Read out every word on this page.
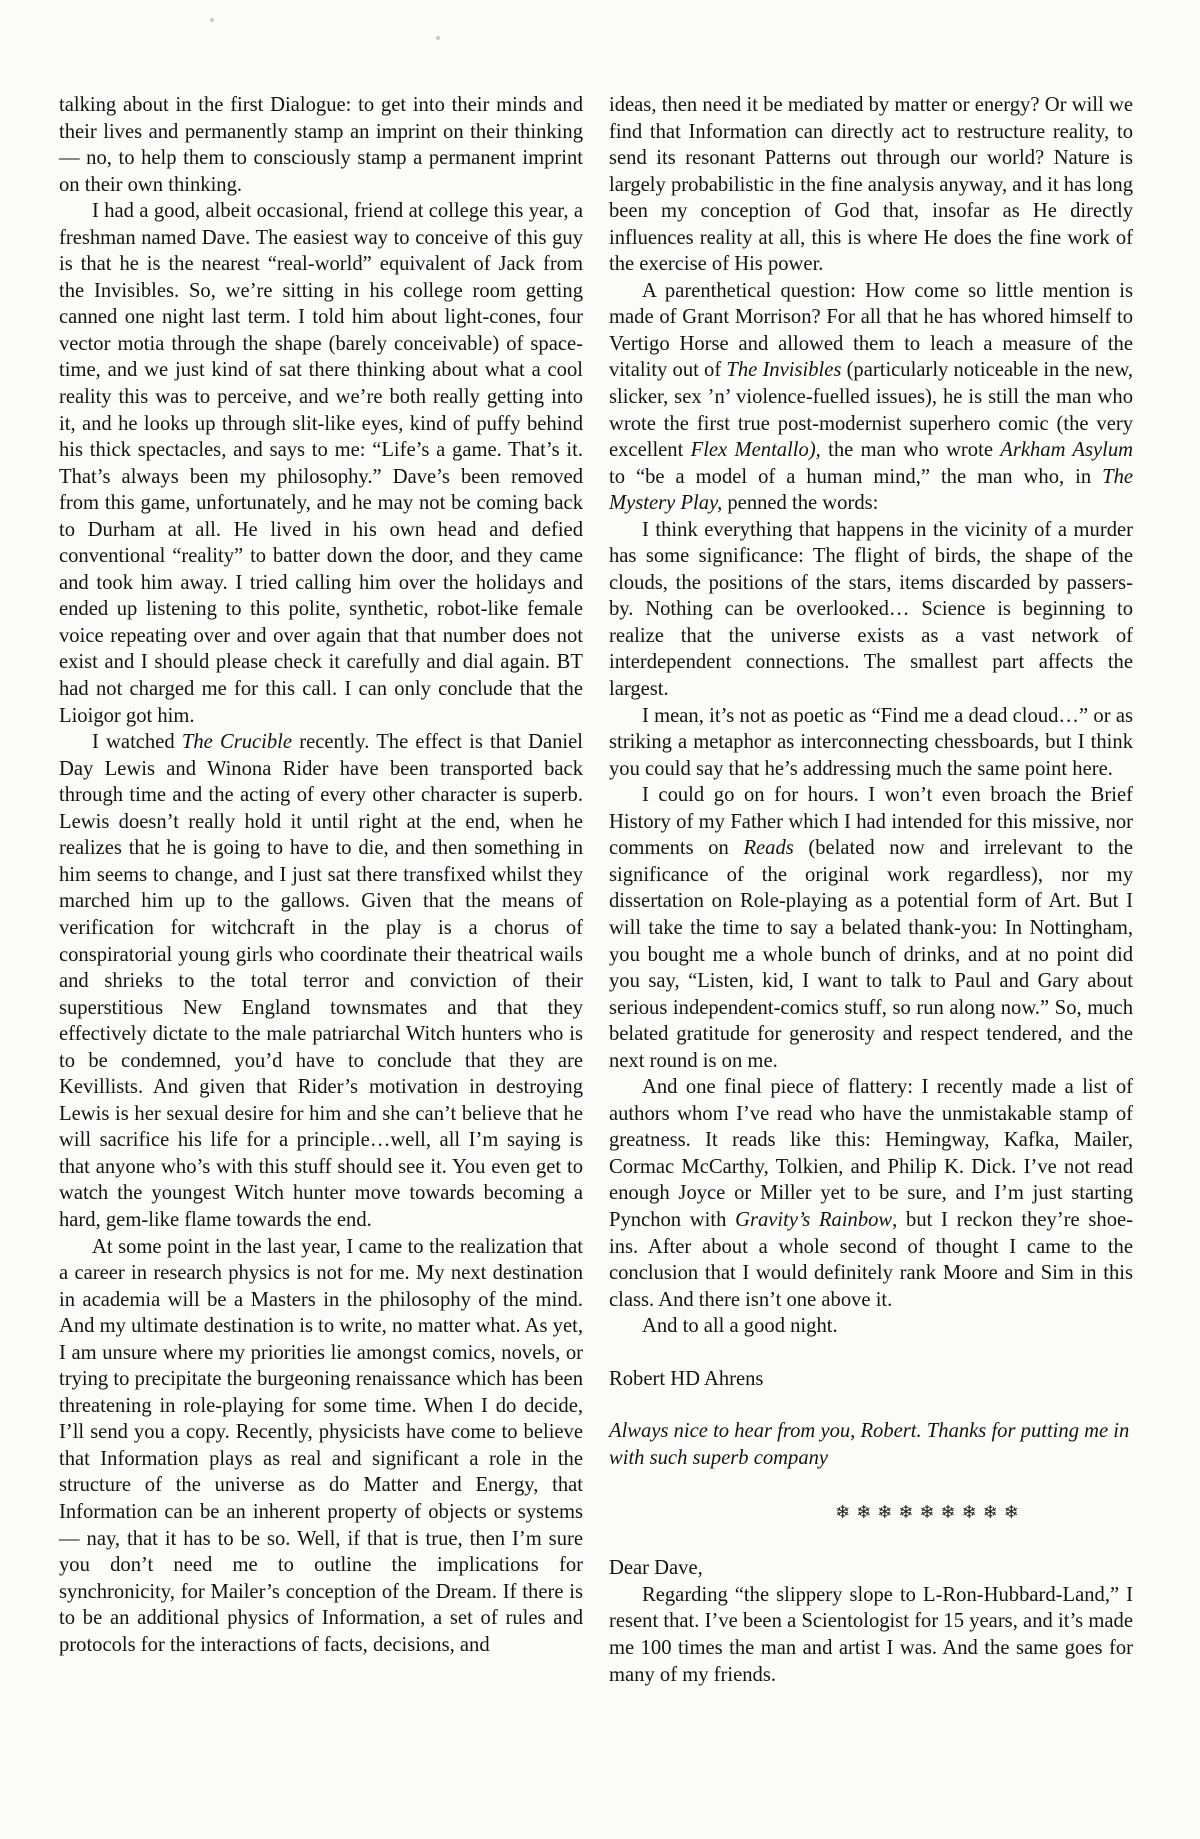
talking about in the first Dialogue: to get into their minds and their lives and permanently stamp an imprint on their thinking — no, to help them to consciously stamp a permanent imprint on their own thinking.

I had a good, albeit occasional, friend at college this year, a freshman named Dave. The easiest way to conceive of this guy is that he is the nearest “real-world” equivalent of Jack from the Invisibles. So, we’re sitting in his college room getting canned one night last term. I told him about light-cones, four vector motia through the shape (barely conceivable) of space-time, and we just kind of sat there thinking about what a cool reality this was to perceive, and we’re both really getting into it, and he looks up through slit-like eyes, kind of puffy behind his thick spectacles, and says to me: “Life’s a game. That’s it. That’s always been my philosophy.” Dave’s been removed from this game, unfortunately, and he may not be coming back to Durham at all. He lived in his own head and defied conventional “reality” to batter down the door, and they came and took him away. I tried calling him over the holidays and ended up listening to this polite, synthetic, robot-like female voice repeating over and over again that that number does not exist and I should please check it carefully and dial again. BT had not charged me for this call. I can only conclude that the Lioigor got him.

I watched The Crucible recently. The effect is that Daniel Day Lewis and Winona Rider have been transported back through time and the acting of every other character is superb. Lewis doesn’t really hold it until right at the end, when he realizes that he is going to have to die, and then something in him seems to change, and I just sat there transfixed whilst they marched him up to the gallows. Given that the means of verification for witchcraft in the play is a chorus of conspiratorial young girls who coordinate their theatrical wails and shrieks to the total terror and conviction of their superstitious New England townsmates and that they effectively dictate to the male patriarchal Witch hunters who is to be condemned, you’d have to conclude that they are Kevillists. And given that Rider’s motivation in destroying Lewis is her sexual desire for him and she can’t believe that he will sacrifice his life for a principle…well, all I’m saying is that anyone who’s with this stuff should see it. You even get to watch the youngest Witch hunter move towards becoming a hard, gem-like flame towards the end.

At some point in the last year, I came to the realization that a career in research physics is not for me. My next destination in academia will be a Masters in the philosophy of the mind. And my ultimate destination is to write, no matter what. As yet, I am unsure where my priorities lie amongst comics, novels, or trying to precipitate the burgeoning renaissance which has been threatening in role-playing for some time. When I do decide, I’ll send you a copy. Recently, physicists have come to believe that Information plays as real and significant a role in the structure of the universe as do Matter and Energy, that Information can be an inherent property of objects or systems — nay, that it has to be so. Well, if that is true, then I’m sure you don’t need me to outline the implications for synchronicity, for Mailer’s conception of the Dream. If there is to be an additional physics of Information, a set of rules and protocols for the interactions of facts, decisions, and

ideas, then need it be mediated by matter or energy? Or will we find that Information can directly act to restructure reality, to send its resonant Patterns out through our world? Nature is largely probabilistic in the fine analysis anyway, and it has long been my conception of God that, insofar as He directly influences reality at all, this is where He does the fine work of the exercise of His power.

A parenthetical question: How come so little mention is made of Grant Morrison? For all that he has whored himself to Vertigo Horse and allowed them to leach a measure of the vitality out of The Invisibles (particularly noticeable in the new, slicker, sex ’n’ violence-fuelled issues), he is still the man who wrote the first true post-modernist superhero comic (the very excellent Flex Mentallo), the man who wrote Arkham Asylum to “be a model of a human mind,” the man who, in The Mystery Play, penned the words:

I think everything that happens in the vicinity of a murder has some significance: The flight of birds, the shape of the clouds, the positions of the stars, items discarded by passers-by. Nothing can be overlooked… Science is beginning to realize that the universe exists as a vast network of interdependent connections. The smallest part affects the largest.

I mean, it’s not as poetic as “Find me a dead cloud…” or as striking a metaphor as interconnecting chessboards, but I think you could say that he’s addressing much the same point here.

I could go on for hours. I won’t even broach the Brief History of my Father which I had intended for this missive, nor comments on Reads (belated now and irrelevant to the significance of the original work regardless), nor my dissertation on Role-playing as a potential form of Art. But I will take the time to say a belated thank-you: In Nottingham, you bought me a whole bunch of drinks, and at no point did you say, “Listen, kid, I want to talk to Paul and Gary about serious independent-comics stuff, so run along now.” So, much belated gratitude for generosity and respect tendered, and the next round is on me.

And one final piece of flattery: I recently made a list of authors whom I’ve read who have the unmistakable stamp of greatness. It reads like this: Hemingway, Kafka, Mailer, Cormac McCarthy, Tolkien, and Philip K. Dick. I’ve not read enough Joyce or Miller yet to be sure, and I’m just starting Pynchon with Gravity’s Rainbow, but I reckon they’re shoe-ins. After about a whole second of thought I came to the conclusion that I would definitely rank Moore and Sim in this class. And there isn’t one above it.

And to all a good night.

Robert HD Ahrens

Always nice to hear from you, Robert. Thanks for putting me in with such superb company

❄❄❄❄❄❄❄❄❄

Dear Dave,

Regarding “the slippery slope to L-Ron-Hubbard-Land,” I resent that. I’ve been a Scientologist for 15 years, and it’s made me 100 times the man and artist I was. And the same goes for many of my friends.
